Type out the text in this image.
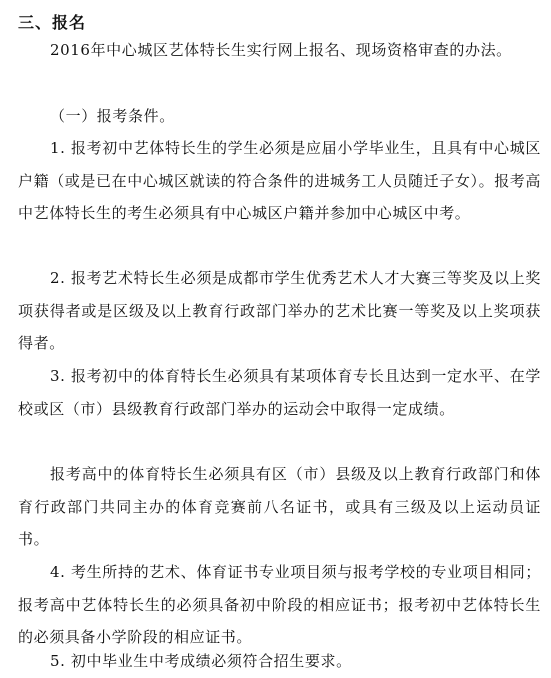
三、报名
2016年中心城区艺体特长生实行网上报名、现场资格审查的办法。
（一）报考条件。
1. 报考初中艺体特长生的学生必须是应届小学毕业生，且具有中心城区户籍（或是已在中心城区就读的符合条件的进城务工人员随迁子女）。报考高中艺体特长生的考生必须具有中心城区户籍并参加中心城区中考。
2. 报考艺术特长生必须是成都市学生优秀艺术人才大赛三等奖及以上奖项获得者或是区级及以上教育行政部门举办的艺术比赛一等奖及以上奖项获得者。
3. 报考初中的体育特长生必须具有某项体育专长且达到一定水平、在学校或区（市）县级教育行政部门举办的运动会中取得一定成绩。
报考高中的体育特长生必须具有区（市）县级及以上教育行政部门和体育行政部门共同主办的体育竞赛前八名证书，或具有三级及以上运动员证书。
4. 考生所持的艺术、体育证书专业项目须与报考学校的专业项目相同；报考高中艺体特长生的必须具备初中阶段的相应证书；报考初中艺体特长生的必须具备小学阶段的相应证书。
5. 初中毕业生中考成绩必须符合招生要求。
